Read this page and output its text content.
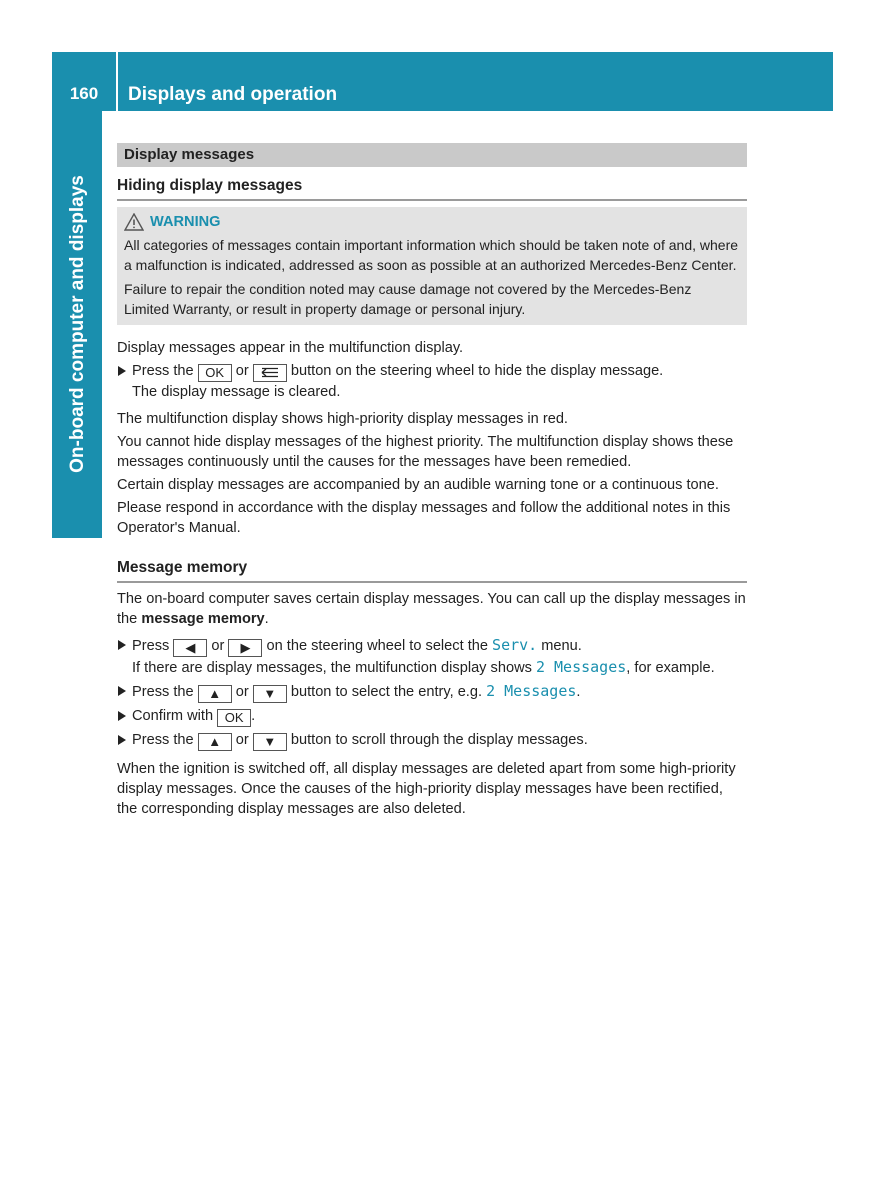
160	Displays and operation
On-board computer and displays
Display messages
Hiding display messages
WARNING

All categories of messages contain important information which should be taken note of and, where a malfunction is indicated, addressed as soon as possible at an authorized Mercedes-Benz Center.

Failure to repair the condition noted may cause damage not covered by the Mercedes-Benz Limited Warranty, or result in property damage or personal injury.

Display messages appear in the multifunction display.

Press the OK or  button on the steering wheel to hide the display message.
The display message is cleared.

The multifunction display shows high-priority display messages in red.

You cannot hide display messages of the highest priority. The multifunction display shows these messages continuously until the causes for the messages have been remedied.

Certain display messages are accompanied by an audible warning tone or a continuous tone.

Please respond in accordance with the display messages and follow the additional notes in this Operator's Manual.

Message memory

The on-board computer saves certain display messages. You can call up the display messages in the message memory.

Press ◀ or ▶ on the steering wheel to select the Serv. menu.
If there are display messages, the multifunction display shows 2 Messages, for example.
Press the ▲ or ▼ button to select the entry, e.g. 2 Messages.
Confirm with OK .
Press the ▲ or ▼ button to scroll through the display messages.

When the ignition is switched off, all display messages are deleted apart from some high-priority display messages. Once the causes of the high-priority display messages have been rectified, the corresponding display messages are also deleted.
